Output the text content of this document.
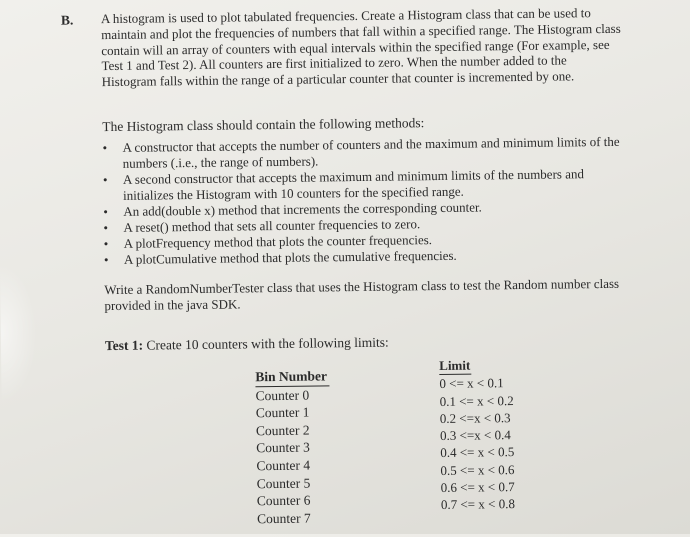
B. A histogram is used to plot tabulated frequencies. Create a Histogram class that can be used to maintain and plot the frequencies of numbers that fall within a specified range. The Histogram class contain will an array of counters with equal intervals within the specified range (For example, see Test 1 and Test 2). All counters are first initialized to zero. When the number added to the Histogram falls within the range of a particular counter that counter is incremented by one.

The Histogram class should contain the following methods:

• A constructor that accepts the number of counters and the maximum and minimum limits of the numbers (.i.e., the range of numbers).
• A second constructor that accepts the maximum and minimum limits of the numbers and initializes the Histogram with 10 counters for the specified range.
• An add(double x) method that increments the corresponding counter.
• A reset() method that sets all counter frequencies to zero.
• A plotFrequency method that plots the counter frequencies.
• A plotCumulative method that plots the cumulative frequencies.

Write a RandomNumberTester class that uses the Histogram class to test the Random number class provided in the java SDK.

Test 1: Create 10 counters with the following limits:

Bin Number
Counter 0
Counter 1
Counter 2
Counter 3
Counter 4
Counter 5
Counter 6
Counter 7
Limit
0 <= x < 0.1
0.1 <= x < 0.2
0.2 <=x < 0.3
0.3 <=x < 0.4
0.4 <= x < 0.5
0.5 <= x < 0.6
0.6 <= x < 0.7
0.7 <= x < 0.8
